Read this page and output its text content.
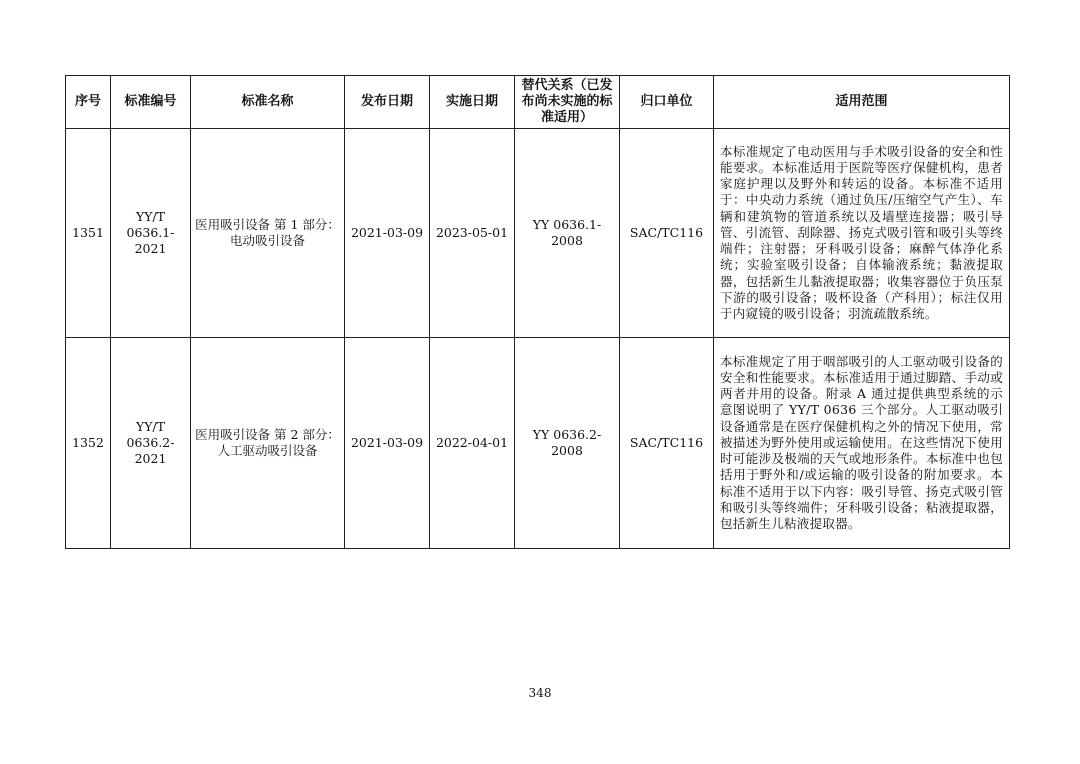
序号	标准编号	标准名称	发布日期	实施日期	替代关系（已发布尚未实施的标准适用）	归口单位	适用范围
1351	YY/T 0636.1-2021	医用吸引设备 第 1 部分：电动吸引设备	2021-03-09	2023-05-01	YY 0636.1-2008	SAC/TC116	本标准规定了电动医用与手术吸引设备的安全和性能要求。本标准适用于医院等医疗保健机构，患者家庭护理以及野外和转运的设备。本标准不适用于：中央动力系统（通过负压/压缩空气产生）、车辆和建筑物的管道系统以及墙壁连接器；吸引导管、引流管、刮除器、扬克式吸引管和吸引头等终端件；注射器；牙科吸引设备；麻醉气体净化系统；实验室吸引设备；自体输液系统；黏液提取器，包括新生儿黏液提取器；收集容器位于负压泵下游的吸引设备；吸杯设备（产科用）；标注仅用于内窥镜的吸引设备；羽流疏散系统。
1352	YY/T 0636.2-2021	医用吸引设备 第 2 部分：人工驱动吸引设备	2021-03-09	2022-04-01	YY 0636.2-2008	SAC/TC116	本标准规定了用于咽部吸引的人工驱动吸引设备的安全和性能要求。本标准适用于通过脚踏、手动或两者并用的设备。附录 A 通过提供典型系统的示意图说明了 YY/T 0636 三个部分。人工驱动吸引设备通常是在医疗保健机构之外的情况下使用，常被描述为野外使用或运输使用。在这些情况下使用时可能涉及极端的天气或地形条件。本标准中也包括用于野外和/或运输的吸引设备的附加要求。本标准不适用于以下内容：吸引导管、扬克式吸引管和吸引头等终端件；牙科吸引设备；粘液提取器，包括新生儿粘液提取器。
348
